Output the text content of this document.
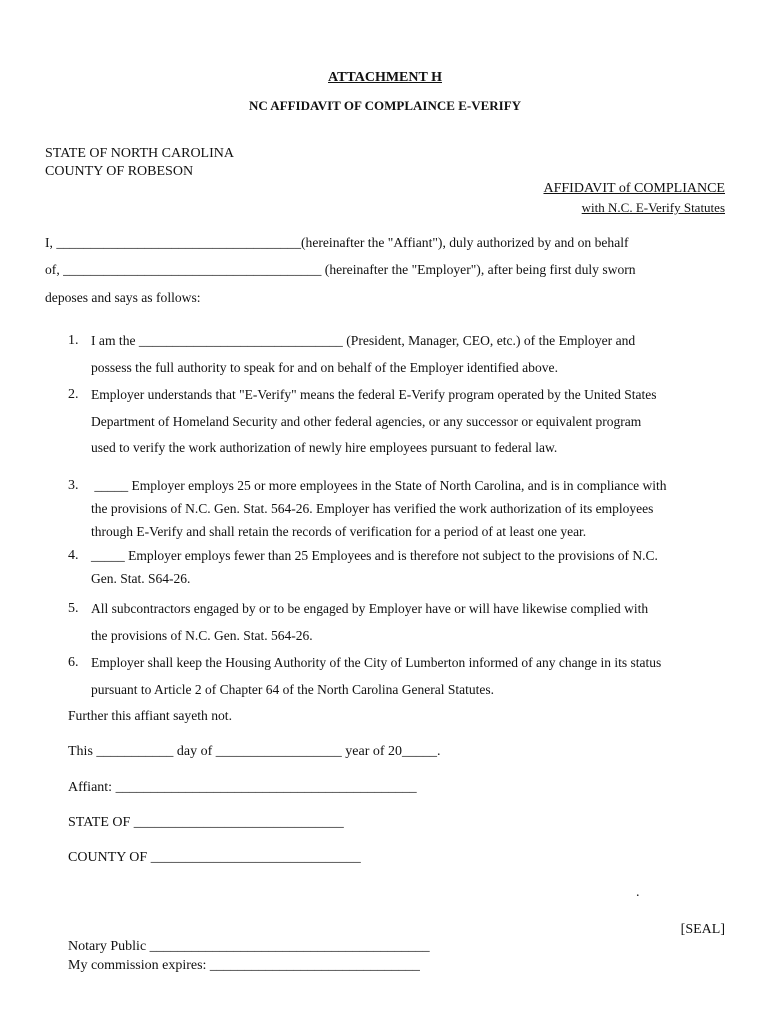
ATTACHMENT H
NC AFFIDAVIT OF COMPLAINCE E-VERIFY
STATE OF NORTH CAROLINA
COUNTY OF ROBESON
AFFIDAVIT of COMPLIANCE
with N.C. E-Verify Statutes
I, ____________________________________(hereinafter the "Affiant"), duly authorized by and on behalf
of, ______________________________________ (hereinafter the "Employer"), after being first duly sworn
deposes and says as follows:
1. I am the ______________________________ (President, Manager, CEO, etc.) of the Employer and
possess the full authority to speak for and on behalf of the Employer identified above.
2. Employer understands that "E-Verify" means the federal E-Verify program operated by the United States
Department of Homeland Security and other federal agencies, or any successor or equivalent program
used to verify the work authorization of newly hire employees pursuant to federal law.
3. _____ Employer employs 25 or more employees in the State of North Carolina, and is in compliance with
the provisions of N.C. Gen. Stat. 564-26. Employer has verified the work authorization of its employees
through E-Verify and shall retain the records of verification for a period of at least one year.
4. _____ Employer employs fewer than 25 Employees and is therefore not subject to the provisions of N.C.
Gen. Stat. S64-26.
5. All subcontractors engaged by or to be engaged by Employer have or will have likewise complied with
the provisions of N.C. Gen. Stat. 564-26.
6. Employer shall keep the Housing Authority of the City of Lumberton informed of any change in its status
pursuant to Article 2 of Chapter 64 of the North Carolina General Statutes.
Further this affiant sayeth not.
This ___________ day of __________________ year of 20_____.
Affiant: ___________________________________________
STATE OF ______________________________
COUNTY OF ______________________________
.
[SEAL]
Notary Public ________________________________________
My commission expires: ______________________________
